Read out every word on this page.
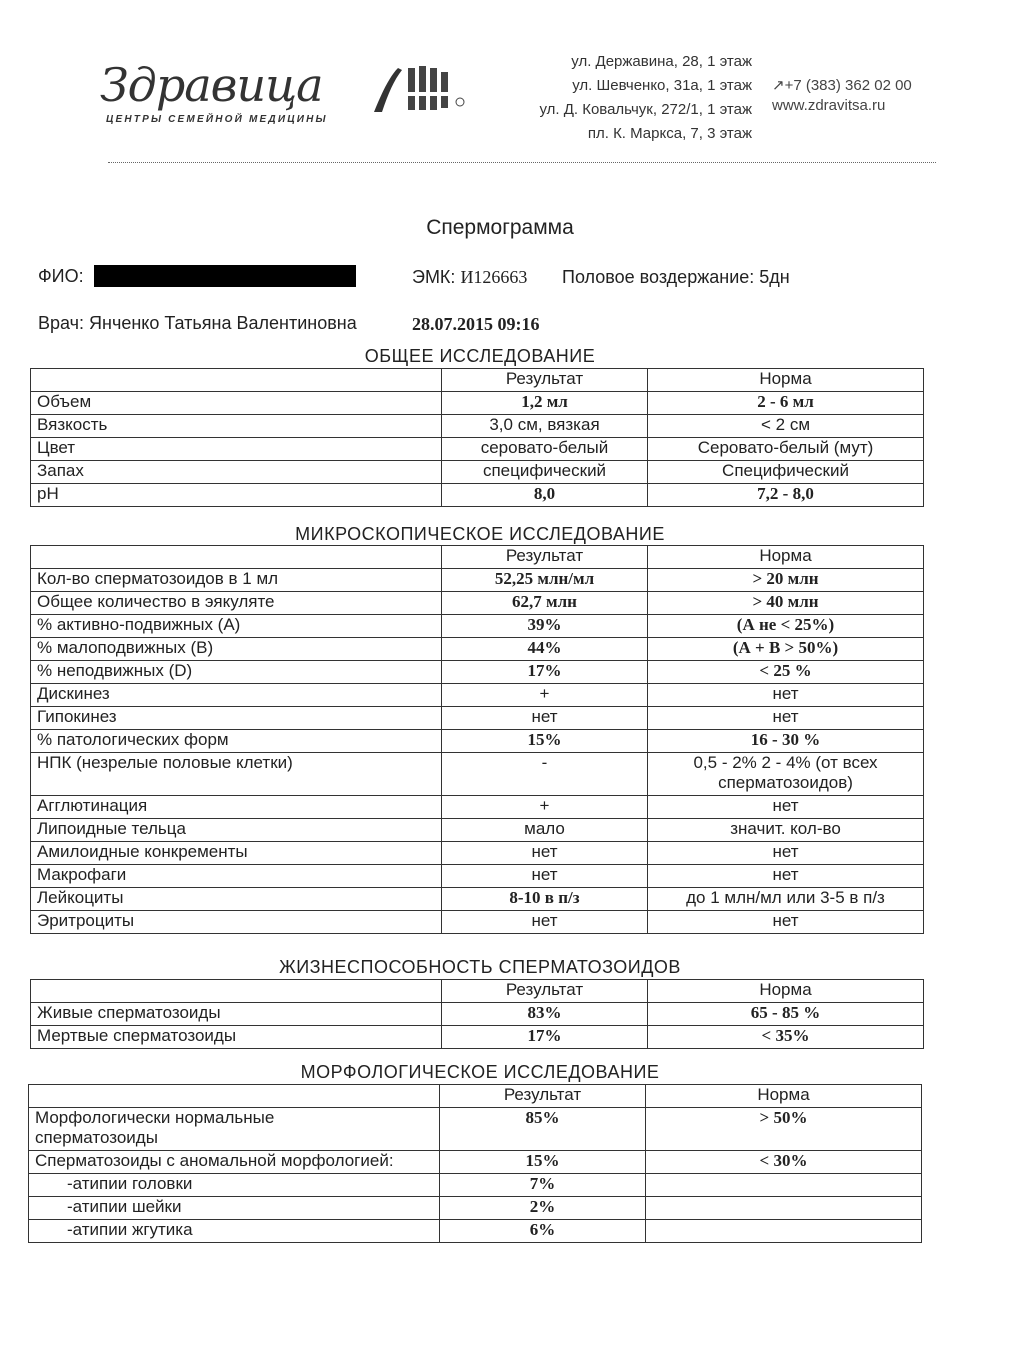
Здравица
ЦЕНТРЫ СЕМЕЙНОЙ МЕДИЦИНЫ
ул. Державина, 28, 1 этаж
ул. Шевченко, 31а, 1 этаж
ул. Д. Ковальчук, 272/1, 1 этаж
пл. К. Маркса, 7, 3 этаж
↗+7 (383) 362 02 00
www.zdravitsa.ru
Спермограмма
ФИО:	ЭМК: И126663 Половое воздержание: 5дн
Врач: Янченко Татьяна Валентиновна	28.07.2015 09:16
ОБЩЕЕ ИССЛЕДОВАНИЕ
	Результат	Норма
Объем	1,2 мл	2 - 6 мл
Вязкость	3,0 см, вязкая	< 2 см
Цвет	серовато-белый	Серовато-белый (мут)
Запах	специфический	Специфический
pH	8,0	7,2 - 8,0
МИКРОСКОПИЧЕСКОЕ ИССЛЕДОВАНИЕ
	Результат	Норма
Кол-во сперматозоидов в 1 мл	52,25 млн/мл	> 20 млн
Общее количество в эякуляте	62,7 млн	> 40 млн
% активно-подвижных (А)	39%	(А не < 25%)
% малоподвижных (В)	44%	(А + В > 50%)
% неподвижных (D)	17%	< 25 %
Дискинез	+	нет
Гипокинез	нет	нет
% патологических форм	15%	16 - 30 %
НПК (незрелые половые клетки)	-	0,5 - 2% 2 - 4% (от всех сперматозоидов)
Агглютинация	+	нет
Липоидные тельца	мало	значит. кол-во
Амилоидные конкременты	нет	нет
Макрофаги	нет	нет
Лейкоциты	8-10 в п/з	до 1 млн/мл или 3-5 в п/з
Эритроциты	нет	нет
ЖИЗНЕСПОСОБНОСТЬ СПЕРМАТОЗОИДОВ
	Результат	Норма
Живые сперматозоиды	83%	65 - 85 %
Мертвые сперматозоиды	17%	< 35%
МОРФОЛОГИЧЕСКОЕ ИССЛЕДОВАНИЕ
	Результат	Норма
Морфологически нормальные сперматозоиды	85%	> 50%
Сперматозоиды с аномальной морфологией:	15%	< 30%
-атипии головки	7%	
-атипии шейки	2%	
-атипии жгутика	6%	
